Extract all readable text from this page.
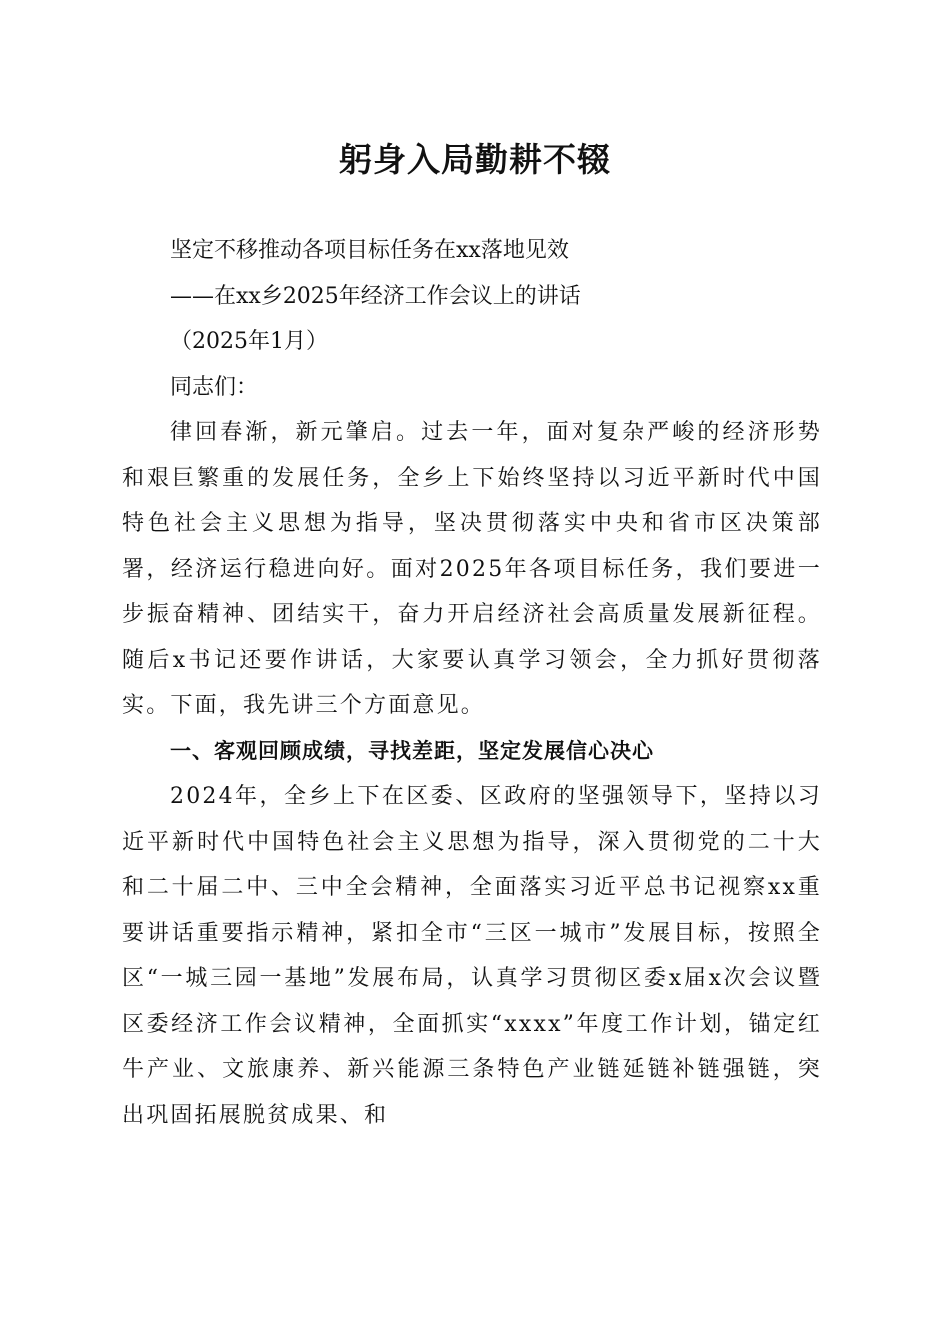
躬身入局勤耕不辍

坚定不移推动各项目标任务在xx落地见效

——在xx乡2025年经济工作会议上的讲话

（2025年1月）

同志们：

律回春渐，新元肇启。过去一年，面对复杂严峻的经济形势和艰巨繁重的发展任务，全乡上下始终坚持以习近平新时代中国特色社会主义思想为指导，坚决贯彻落实中央和省市区决策部署，经济运行稳进向好。面对2025年各项目标任务，我们要进一步振奋精神、团结实干，奋力开启经济社会高质量发展新征程。随后x书记还要作讲话，大家要认真学习领会，全力抓好贯彻落实。下面，我先讲三个方面意见。

一、客观回顾成绩，寻找差距，坚定发展信心决心

2024年，全乡上下在区委、区政府的坚强领导下，坚持以习近平新时代中国特色社会主义思想为指导，深入贯彻党的二十大和二十届二中、三中全会精神，全面落实习近平总书记视察xx重要讲话重要指示精神，紧扣全市“三区一城市”发展目标，按照全区“一城三园一基地”发展布局，认真学习贯彻区委x届x次会议暨区委经济工作会议精神，全面抓实“xxxx”年度工作计划，锚定红牛产业、文旅康养、新兴能源三条特色产业链延链补链强链，突出巩固拓展脱贫成果、和
